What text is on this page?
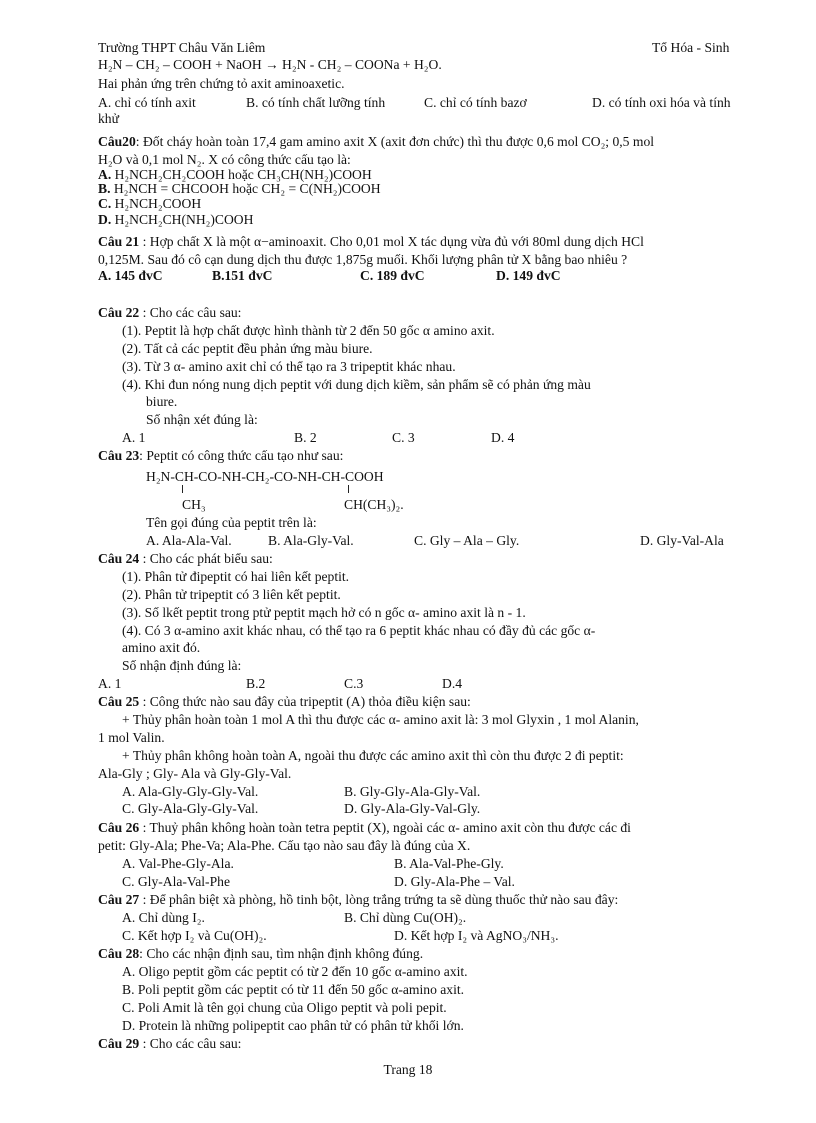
Trường THPT Châu Văn Liêm	Tổ Hóa - Sinh
H₂N – CH₂ – COOH + NaOH → H₂N - CH₂ – COONa + H₂O.
Hai phản ứng trên chứng tỏ axit aminoaxetic.
A. chỉ có tính axit	B. có tính chất lưỡng tính	C. chỉ có tính bazơ	D. có tính oxi hóa và tính
khử
Câu20: Đốt cháy hoàn toàn 17,4 gam amino axit X (axit đơn chức) thì thu được 0,6 mol CO₂; 0,5 mol
H₂O và 0,1 mol N₂. X có công thức cấu tạo là:
A. H₂NCH₂CH₂COOH hoặc CH₃CH(NH₂)COOH
B. H₂NCH = CHCOOH hoặc CH₂ = C(NH₂)COOH
C. H₂NCH₂COOH
D. H₂NCH₂CH(NH₂)COOH
Câu 21 : Hợp chất X là một α−aminoaxit. Cho 0,01 mol X tác dụng vừa đủ với 80ml dung dịch HCl
0,125M. Sau đó cô cạn dung dịch thu được 1,875g muối. Khối lượng phân tử X bằng bao nhiêu ?
A. 145 đvC	B.151 đvC	C. 189 đvC	D. 149 đvC
Câu 22 : Cho các câu sau:
(1). Peptit là hợp chất được hình thành từ 2 đến 50 gốc α amino axit.
(2). Tất cả các peptit đều phản ứng màu biure.
(3). Từ 3 α- amino axit chỉ có thể tạo ra 3 tripeptit khác nhau.
(4). Khi đun nóng nung dịch peptit với dung dịch kiềm, sản phẩm sẽ có phản ứng màu
biure.
Số nhận xét đúng là:
A. 1	B. 2	C. 3	D. 4
Câu 23: Peptit có công thức cấu tạo như sau:
H₂N-CH-CO-NH-CH₂-CO-NH-CH-COOH
CH₃	CH(CH₃)₂.
Tên gọi đúng của peptit trên là:
A. Ala-Ala-Val.	B. Ala-Gly-Val.	C. Gly – Ala – Gly.	D. Gly-Val-Ala
Câu 24 : Cho các phát biểu sau:
(1). Phân tử đipeptit có hai liên kết peptit.
(2). Phân tử tripeptit có 3 liên kết peptit.
(3). Số lkết peptit trong ptử peptit mạch hở có n gốc α- amino axit là n - 1.
(4). Có 3 α-amino axit khác nhau, có thể tạo ra 6 peptit khác nhau có đầy đủ các gốc α-
amino axit đó.
Số nhận định đúng là:
A. 1	B.2	C.3	D.4
Câu 25 : Công thức nào sau đây của tripeptit (A) thỏa điều kiện sau:
+ Thủy phân hoàn toàn 1 mol A thì thu được các α- amino axit là: 3 mol Glyxin , 1 mol Alanin,
1 mol Valin.
+ Thủy phân không hoàn toàn A, ngoài thu được các amino axit thì còn thu được 2 đi peptit:
Ala-Gly ; Gly- Ala và Gly-Gly-Val.
A. Ala-Gly-Gly-Gly-Val.	B. Gly-Gly-Ala-Gly-Val.
C. Gly-Ala-Gly-Gly-Val.	D. Gly-Ala-Gly-Val-Gly.
Câu 26 : Thuỷ phân không hoàn toàn tetra peptit (X), ngoài các α- amino axit còn thu được các đi
petit: Gly-Ala; Phe-Va; Ala-Phe. Cấu tạo nào sau đây là đúng của X.
A. Val-Phe-Gly-Ala.	B. Ala-Val-Phe-Gly.
C. Gly-Ala-Val-Phe	D. Gly-Ala-Phe – Val.
Câu 27 : Để phân biệt xà phòng, hồ tinh bột, lòng trắng trứng ta sẽ dùng thuốc thử nào sau đây:
A. Chỉ dùng I₂.	B. Chỉ dùng Cu(OH)₂.
C. Kết hợp I₂ và Cu(OH)₂.	D. Kết hợp I₂ và AgNO₃/NH₃.
Câu 28: Cho các nhận định sau, tìm nhận định không đúng.
A. Oligo peptit gồm các peptit có từ 2 đến 10 gốc α-amino axit.
B. Poli peptit gồm các peptit có từ 11 đến 50 gốc α-amino axit.
C. Poli Amit là tên gọi chung của Oligo peptit và poli pepit.
D. Protein là những polipeptit cao phân tử có phân tử khối lớn.
Câu 29 : Cho các câu sau:
Trang 18
